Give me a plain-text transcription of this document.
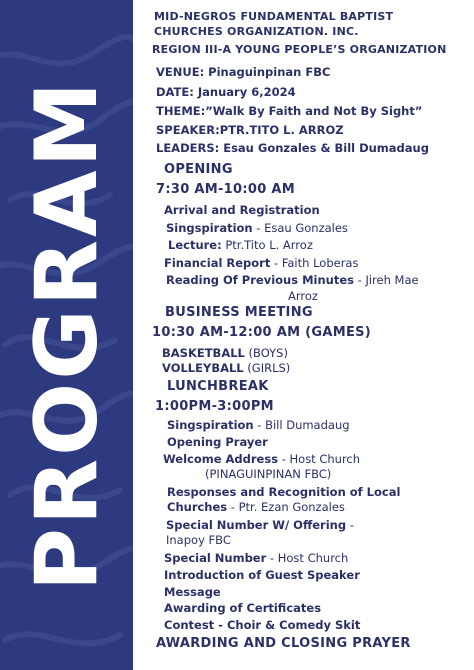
PROGRAM
MID-NEGROS FUNDAMENTAL BAPTIST
CHURCHES ORGANIZATION. INC.
REGION III-A YOUNG PEOPLE’S ORGANIZATION
VENUE: Pinaguinpinan FBC
DATE: January 6,2024
THEME:”Walk By Faith and Not By Sight”
SPEAKER:PTR.TITO L. ARROZ
LEADERS: Esau Gonzales & Bill Dumadaug
OPENING
7:30 AM-10:00 AM
Arrival and Registration
Singspiration - Esau Gonzales
Lecture: Ptr.Tito L. Arroz
Financial Report - Faith Loberas
Reading Of Previous Minutes - Jireh Mae
Arroz
BUSINESS MEETING
10:30 AM-12:00 AM (GAMES)
BASKETBALL (BOYS)
VOLLEYBALL (GIRLS)
LUNCHBREAK
1:00PM-3:00PM
Singspiration - Bill Dumadaug
Opening Prayer
Welcome Address - Host Church
(PINAGUINPINAN FBC)
Responses and Recognition of Local
Churches - Ptr. Ezan Gonzales
Special Number W/ Offering -
Inapoy FBC
Special Number - Host Church
Introduction of Guest Speaker
Message
Awarding of Certificates
Contest - Choir & Comedy Skit
AWARDING AND CLOSING PRAYER
